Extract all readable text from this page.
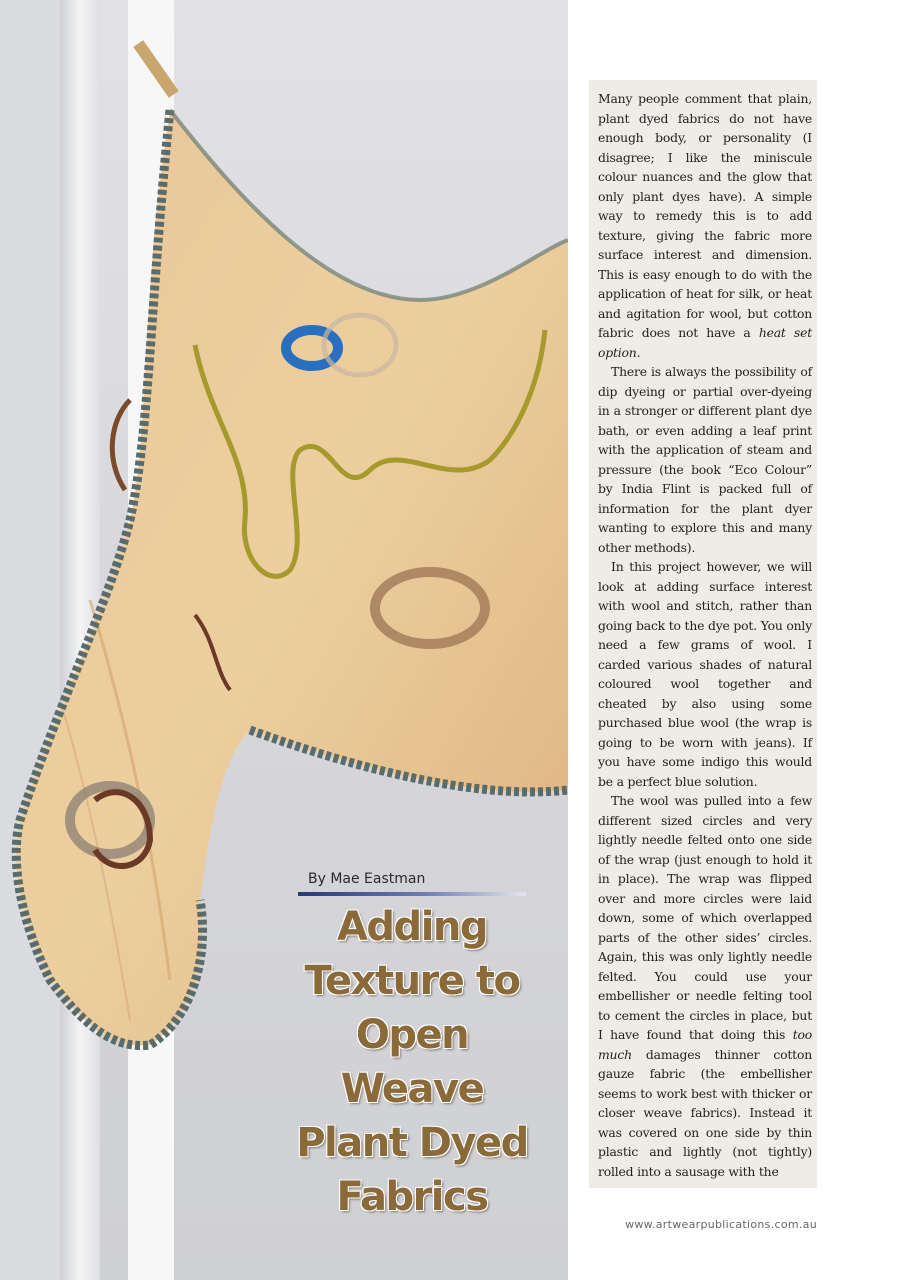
By Mae Eastman
Adding
Texture to
Open Weave
Plant Dyed
Fabrics

Many people comment that plain, plant dyed fabrics do not have enough body, or personality (I disagree; I like the miniscule colour nuances and the glow that only plant dyes have). A simple way to remedy this is to add texture, giving the fabric more surface interest and dimension. This is easy enough to do with the application of heat for silk, or heat and agitation for wool, but cotton fabric does not have a heat set option.

There is always the possibility of dip dyeing or partial over-dyeing in a stronger or different plant dye bath, or even adding a leaf print with the application of steam and pressure (the book “Eco Colour” by India Flint is packed full of information for the plant dyer wanting to explore this and many other methods).

In this project however, we will look at adding surface interest with wool and stitch, rather than going back to the dye pot. You only need a few grams of wool. I carded various shades of natural coloured wool together and cheated by also using some purchased blue wool (the wrap is going to be worn with jeans). If you have some indigo this would be a perfect blue solution.

The wool was pulled into a few different sized circles and very lightly needle felted onto one side of the wrap (just enough to hold it in place). The wrap was flipped over and more circles were laid down, some of which overlapped parts of the other sides’ circles. Again, this was only lightly needle felted. You could use your embellisher or needle felting tool to cement the circles in place, but I have found that doing this too much damages thinner cotton gauze fabric (the embellisher seems to work best with thicker or closer weave fabrics). Instead it was covered on one side by thin plastic and lightly (not tightly) rolled into a sausage with the

www.artwearpublications.com.au
